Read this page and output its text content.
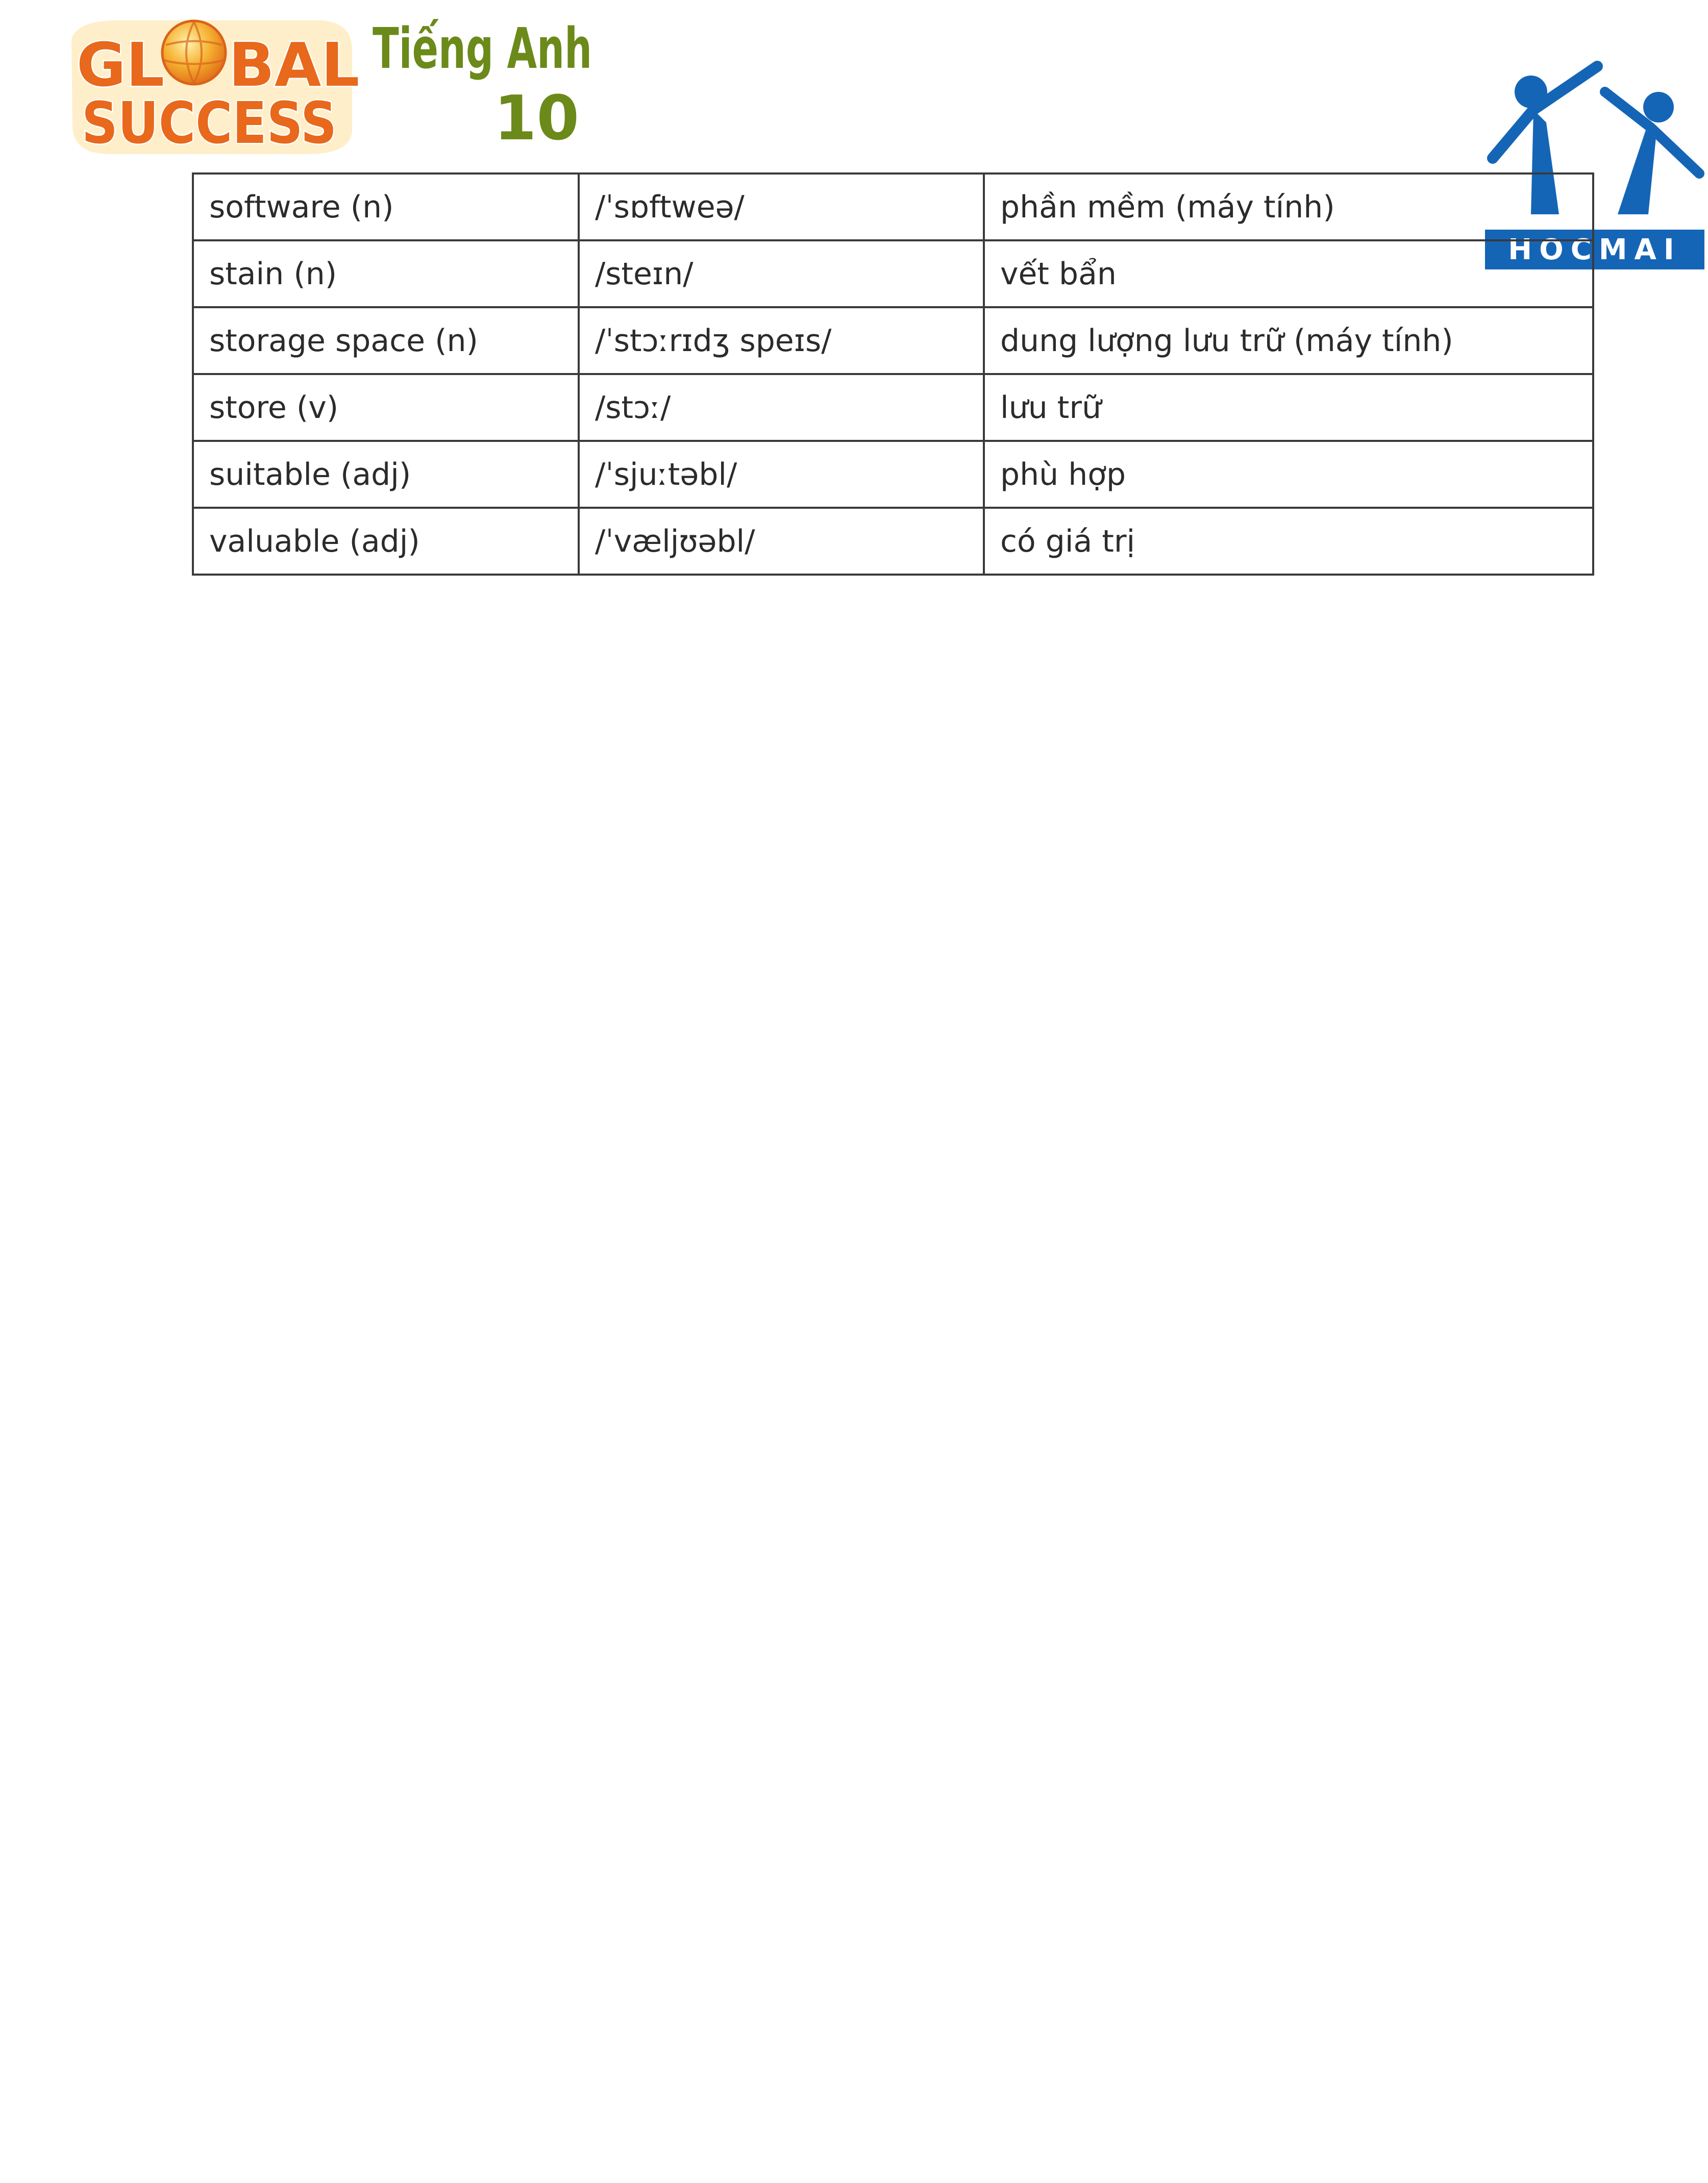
GL BAL
SUCCESS
Tiếng Anh
10
HOCMAI
software (n)	/ˈsɒftweə/	phần mềm (máy tính)
stain (n)	/steɪn/	vết bẩn
storage space (n)	/ˈstɔːrɪdʒ speɪs/	dung lượng lưu trữ (máy tính)
store (v)	/stɔː/	lưu trữ
suitable (adj)	/ˈsjuːtəbl/	phù hợp
valuable (adj)	/ˈvæljʊəbl/	có giá trị
